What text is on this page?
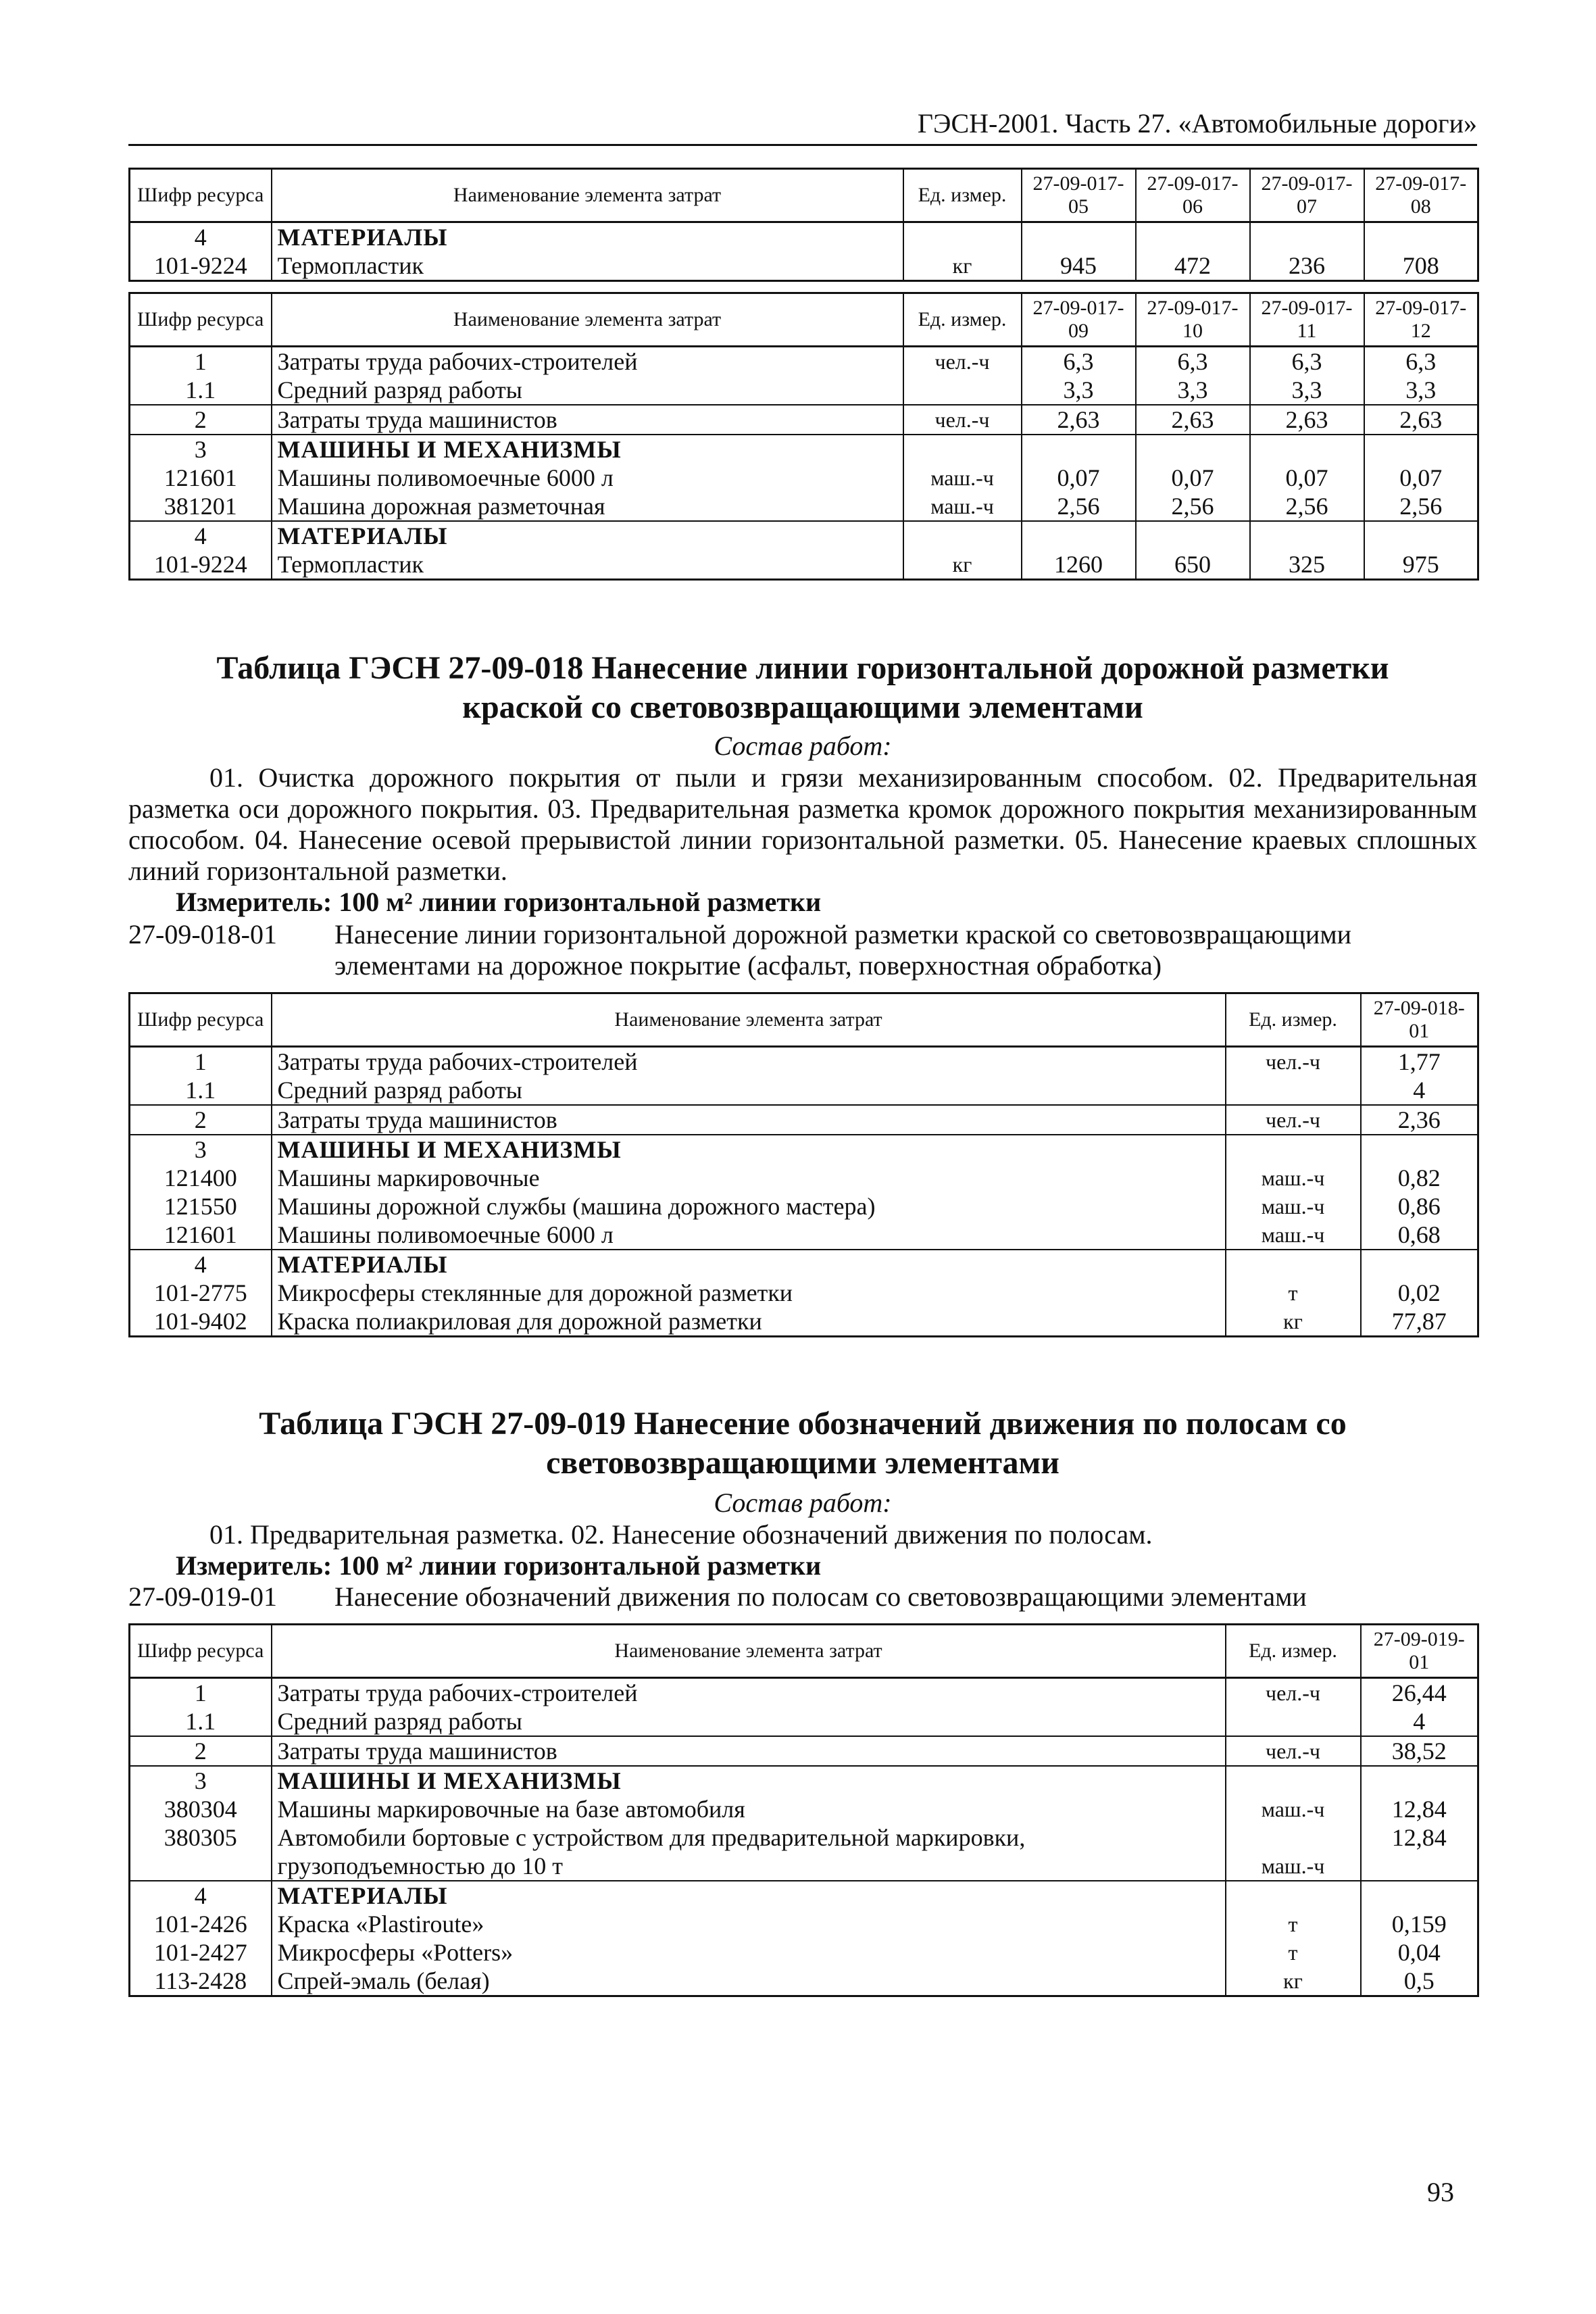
ГЭСН-2001. Часть 27. «Автомобильные дороги»
Шифр ресурса	Наименование элемента затрат	Ед. измер.	27-09-017-05	27-09-017-06	27-09-017-07	27-09-017-08
4	МАТЕРИАЛЫ					
101-9224	Термопластик	кг	945	472	236	708
Шифр ресурса	Наименование элемента затрат	Ед. измер.	27-09-017-09	27-09-017-10	27-09-017-11	27-09-017-12
1	Затраты труда рабочих-строителей	чел.-ч	6,3	6,3	6,3	6,3
1.1	Средний разряд работы		3,3	3,3	3,3	3,3
2	Затраты труда машинистов	чел.-ч	2,63	2,63	2,63	2,63
3	МАШИНЫ И МЕХАНИЗМЫ					
121601	Машины поливомоечные 6000 л	маш.-ч	0,07	0,07	0,07	0,07
381201	Машина дорожная разметочная	маш.-ч	2,56	2,56	2,56	2,56
4	МАТЕРИАЛЫ					
101-9224	Термопластик	кг	1260	650	325	975
Таблица ГЭСН 27-09-018 Нанесение линии горизонтальной дорожной разметки
краской со световозвращающими элементами
Состав работ:
01. Очистка дорожного покрытия от пыли и грязи механизированным способом. 02. Предварительная разметка оси дорожного покрытия. 03. Предварительная разметка кромок дорожного покрытия механизированным способом. 04. Нанесение осевой прерывистой линии горизонтальной разметки. 05. Нанесение краевых сплошных линий горизонтальной разметки.
Измеритель: 100 м² линии горизонтальной разметки
27-09-018-01 Нанесение линии горизонтальной дорожной разметки краской со световозвращающими элементами на дорожное покрытие (асфальт, поверхностная обработка)
Шифр ресурса	Наименование элемента затрат	Ед. измер.	27-09-018-01
1	Затраты труда рабочих-строителей	чел.-ч	1,77
1.1	Средний разряд работы		4
2	Затраты труда машинистов	чел.-ч	2,36
3	МАШИНЫ И МЕХАНИЗМЫ		
121400	Машины маркировочные	маш.-ч	0,82
121550	Машины дорожной службы (машина дорожного мастера)	маш.-ч	0,86
121601	Машины поливомоечные 6000 л	маш.-ч	0,68
4	МАТЕРИАЛЫ		
101-2775	Микросферы стеклянные для дорожной разметки	т	0,02
101-9402	Краска полиакриловая для дорожной разметки	кг	77,87
Таблица ГЭСН 27-09-019 Нанесение обозначений движения по полосам со
световозвращающими элементами
Состав работ:
01. Предварительная разметка. 02. Нанесение обозначений движения по полосам.
Измеритель: 100 м² линии горизонтальной разметки
27-09-019-01 Нанесение обозначений движения по полосам со световозвращающими элементами
Шифр ресурса	Наименование элемента затрат	Ед. измер.	27-09-019-01
1	Затраты труда рабочих-строителей	чел.-ч	26,44
1.1	Средний разряд работы		4
2	Затраты труда машинистов	чел.-ч	38,52
3	МАШИНЫ И МЕХАНИЗМЫ		
380304	Машины маркировочные на базе автомобиля	маш.-ч	12,84
380305	Автомобили бортовые с устройством для предварительной маркировки, грузоподъемностью до 10 т	маш.-ч	12,84
4	МАТЕРИАЛЫ		
101-2426	Краска «Plastiroute»	т	0,159
101-2427	Микросферы «Potters»	т	0,04
113-2428	Спрей-эмаль (белая)	кг	0,5
93
